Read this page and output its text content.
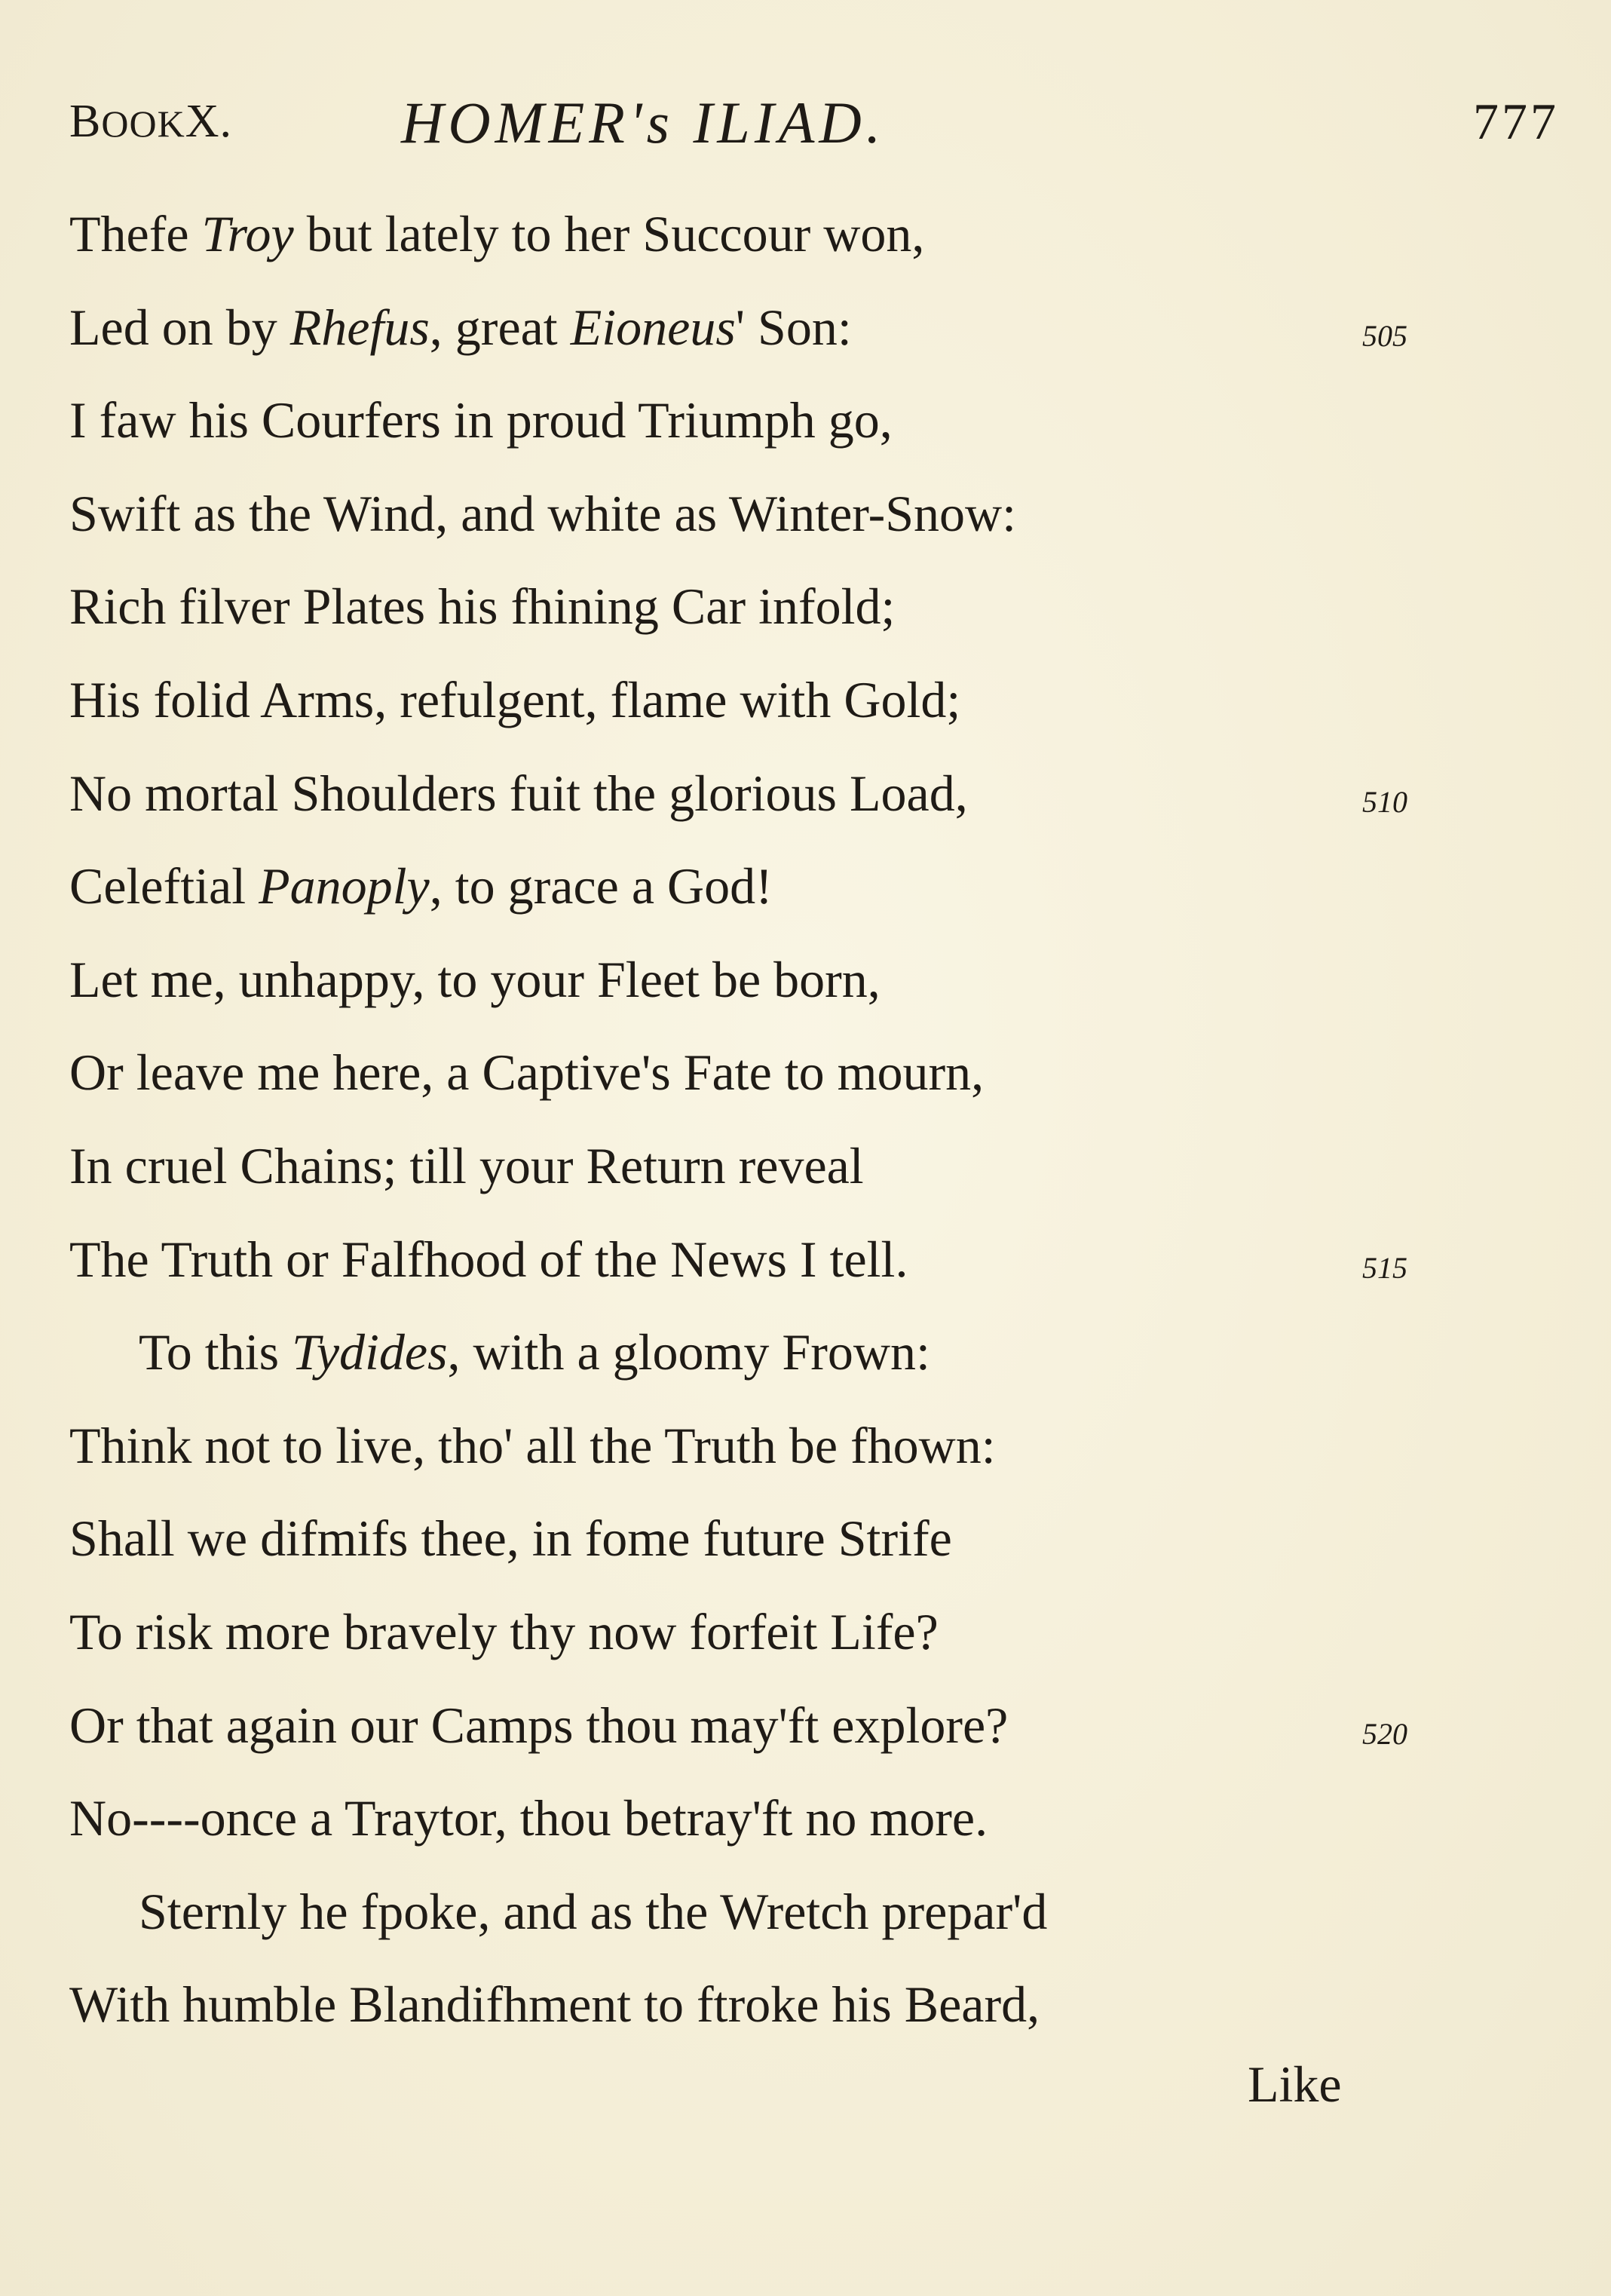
BOOKX.	HOMER's ILIAD.	777
Thefe Troy but lately to her Succour won,
Led on by Rhefus, great Eioneus' Son:	505
I faw his Courfers in proud Triumph go,
Swift as the Wind, and white as Winter-Snow:
Rich filver Plates his fhining Car infold;
His folid Arms, refulgent, flame with Gold;
No mortal Shoulders fuit the glorious Load,	510
Celeftial Panoply, to grace a God!
Let me, unhappy, to your Fleet be born,
Or leave me here, a Captive's Fate to mourn,
In cruel Chains; till your Return reveal
The Truth or Falfhood of the News I tell.	515
To this Tydides, with a gloomy Frown:
Think not to live, tho' all the Truth be fhown:
Shall we difmifs thee, in fome future Strife
To risk more bravely thy now forfeit Life?
Or that again our Camps thou may'ft explore?	520
No----once a Traytor, thou betray'ft no more.
Sternly he fpoke, and as the Wretch prepar'd
With humble Blandifhment to ftroke his Beard,
Like
